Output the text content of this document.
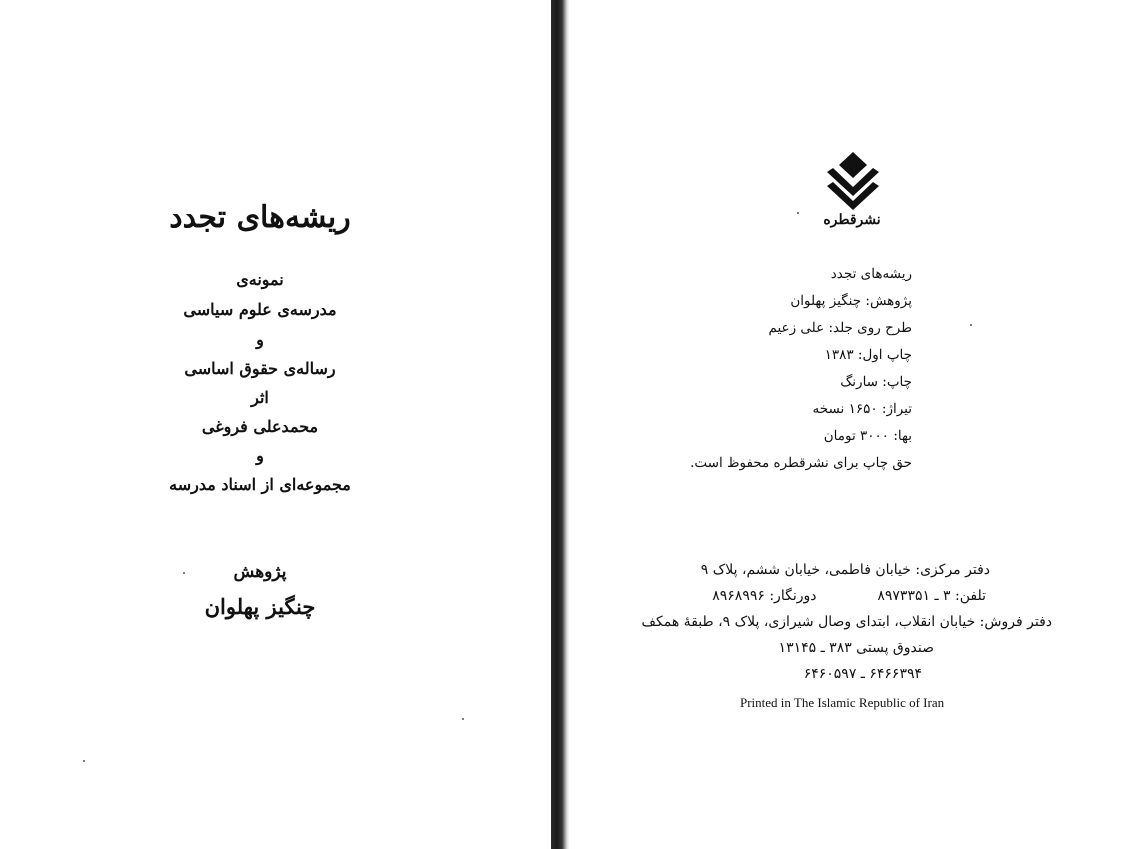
ریشه‌های تجدد
نمونه‌ی
مدرسه‌ی علوم سیاسی
و
رساله‌ی حقوق اساسی
اثر
محمدعلی فروغی
و
مجموعه‌ای از اسناد مدرسه
پژوهش
چنگیز پهلوان
نشرقطره
ریشه‌های تجدد
پژوهش: چنگیز پهلوان
طرح روی جلد: علی زعیم
چاپ اول: ۱۳۸۳
چاپ: سارنگ
تیراژ: ۱۶۵۰ نسخه
بها: ۳۰۰۰ تومان
حق چاپ برای نشرقطره محفوظ است.
دفتر مرکزی: خیابان فاطمی، خیابان ششم، پلاک ۹
تلفن: ۳ ـ ۸۹۷۳۳۵۱  دورنگار: ۸۹۶۸۹۹۶
دفتر فروش: خیابان انقلاب، ابتدای وصال شیرازی، پلاک ۹، طبقهٔ همکف
صندوق پستی ۳۸۳ ـ ۱۳۱۴۵
۶۴۶۶۳۹۴ ـ ۶۴۶۰۵۹۷
Printed in The Islamic Republic of Iran
